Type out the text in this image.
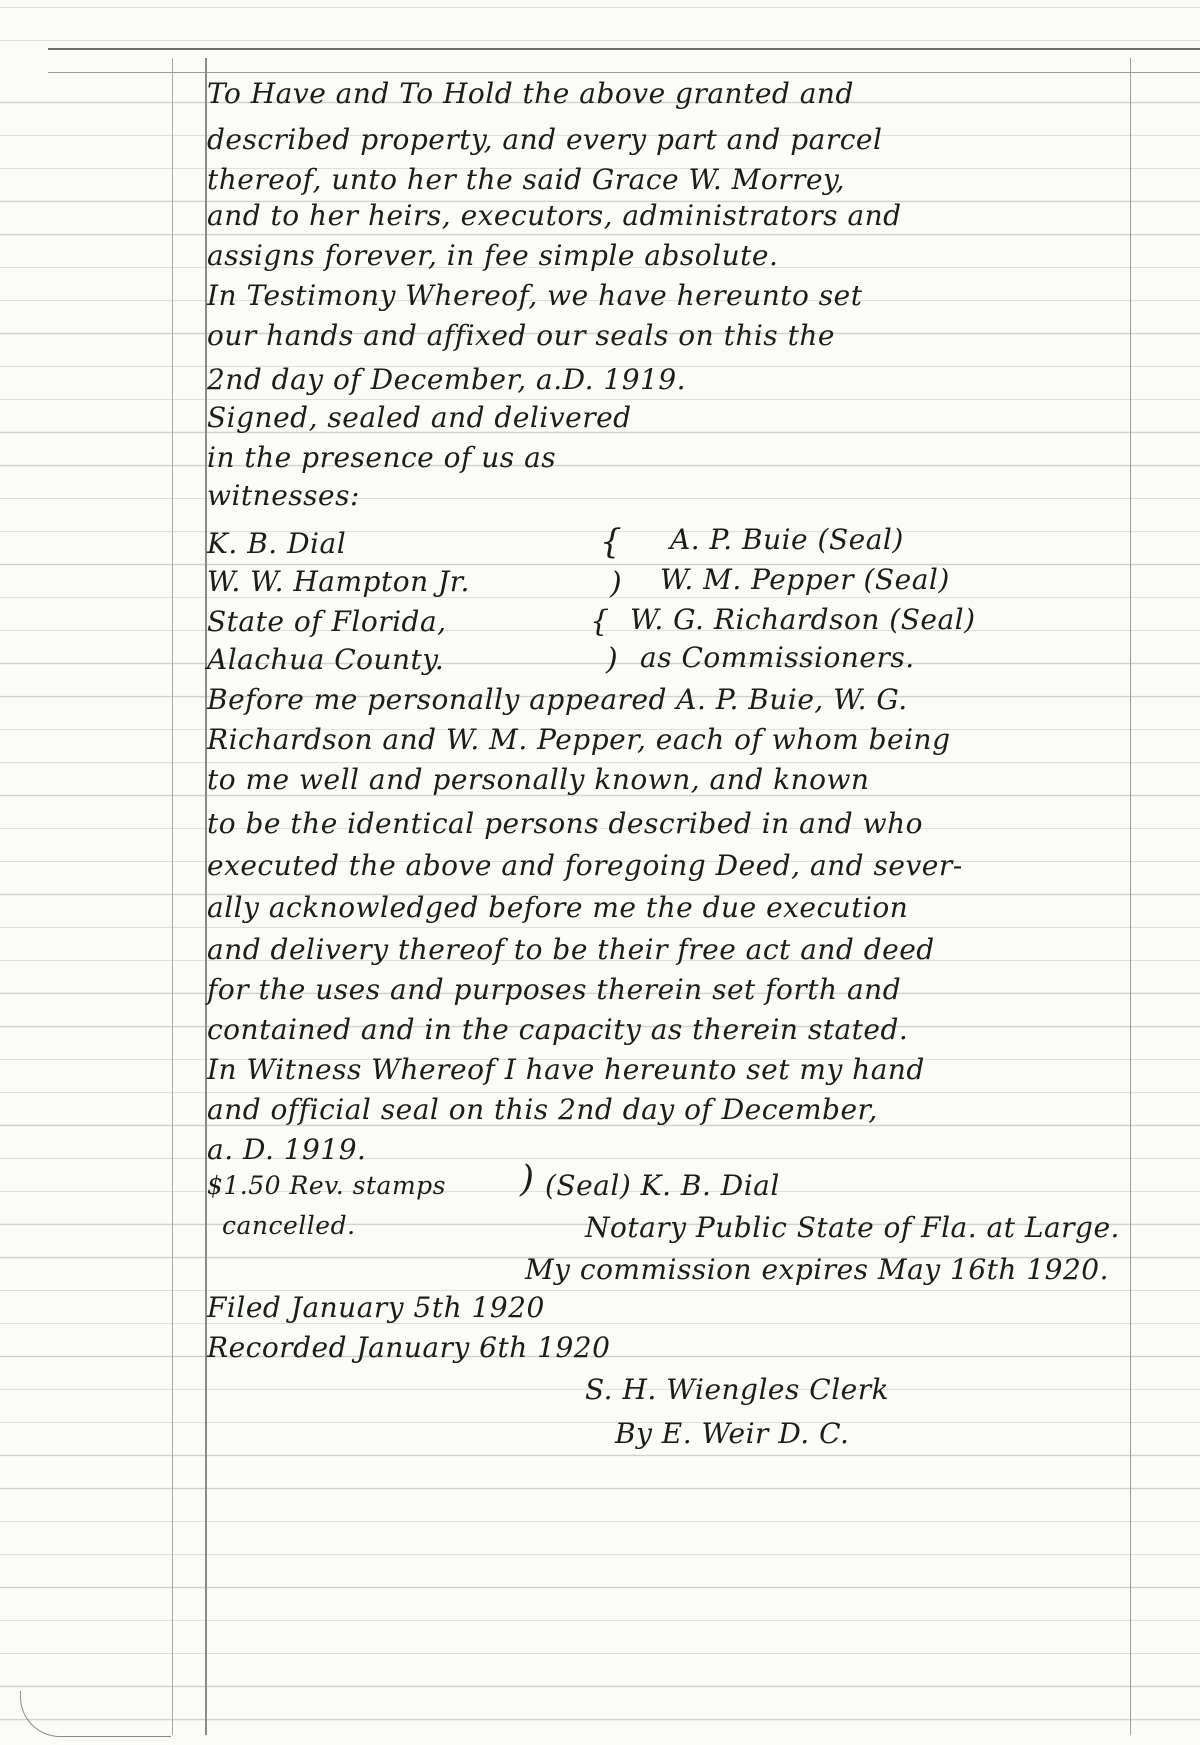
To Have and To Hold the above granted and
described property, and every part and parcel
thereof, unto her the said Grace W. Morrey,
and to her heirs, executors, administrators and
assigns forever, in fee simple absolute.
In Testimony Whereof, we have hereunto set
our hands and affixed our seals on this the
2nd day of December, a.D. 1919.
Signed, sealed and delivered
in the presence of us as
witnesses:
K. B. Dial
W. W. Hampton Jr.
State of Florida,
Alachua County.
{
)
{
)
A. P. Buie (Seal)
W. M. Pepper (Seal)
W. G. Richardson (Seal)
as Commissioners.
Before me personally appeared A. P. Buie, W. G.
Richardson and W. M. Pepper, each of whom being
to me well and personally known, and known
to be the identical persons described in and who
executed the above and foregoing Deed, and sever-
ally acknowledged before me the due execution
and delivery thereof to be their free act and deed
for the uses and purposes therein set forth and
contained and in the capacity as therein stated.
In Witness Whereof I have hereunto set my hand
and official seal on this 2nd day of December,
a. D. 1919.
$1.50 Rev. stamps
cancelled.
) (Seal) K. B. Dial
Notary Public State of Fla. at Large.
My commission expires May 16th 1920.
Filed January 5th 1920
Recorded January 6th 1920
S. H. Wiengles Clerk
By E. Weir D. C.
